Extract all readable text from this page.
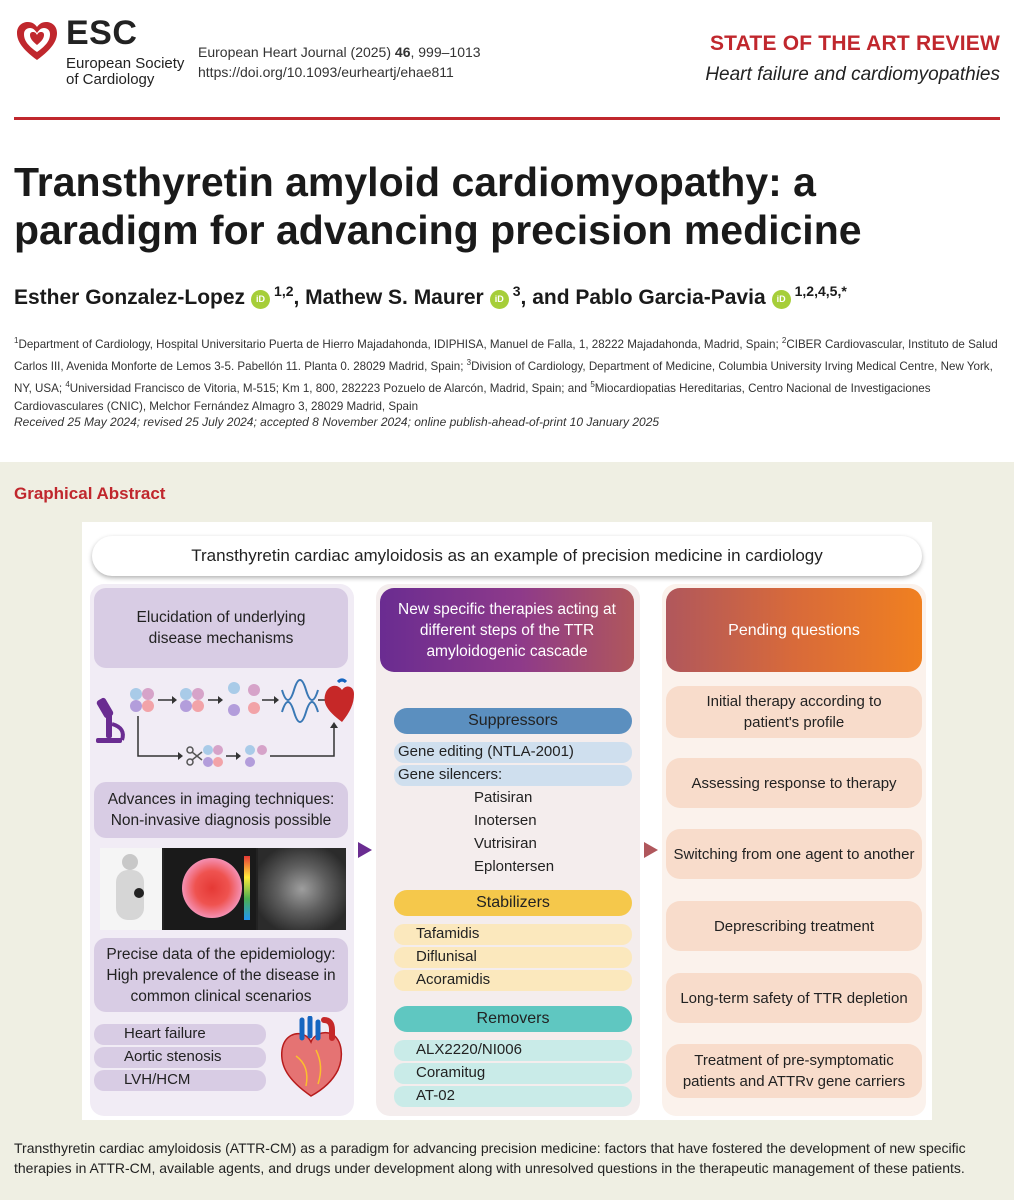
ESC
European Society of Cardiology
European Heart Journal (2025) 46, 999–1013
https://doi.org/10.1093/eurheartj/ehae811
STATE OF THE ART REVIEW
Heart failure and cardiomyopathies
Transthyretin amyloid cardiomyopathy: a paradigm for advancing precision medicine
Esther Gonzalez-Lopez iD $^{1,2}$, Mathew S. Maurer iD $^3$, and Pablo Garcia-Pavia iD $^{1,2,4,5,*}$
$^1$Department of Cardiology, Hospital Universitario Puerta de Hierro Majadahonda, IDIPHISA, Manuel de Falla, 1, 28222 Majadahonda, Madrid, Spain; $^2$CIBER Cardiovascular, Instituto de Salud Carlos III, Avenida Monforte de Lemos 3-5. Pabellón 11. Planta 0. 28029 Madrid, Spain; $^3$Division of Cardiology, Department of Medicine, Columbia University Irving Medical Centre, New York, NY, USA; $^4$Universidad Francisco de Vitoria, M-515; Km 1, 800, 282223 Pozuelo de Alarcón, Madrid, Spain; and $^5$Miocardiopatias Hereditarias, Centro Nacional de Investigaciones Cardiovasculares (CNIC), Melchor Fernández Almagro 3, 28029 Madrid, Spain
Received 25 May 2024; revised 25 July 2024; accepted 8 November 2024; online publish-ahead-of-print 10 January 2025
Graphical Abstract
Transthyretin cardiac amyloidosis as an example of precision medicine in cardiology
Elucidation of underlying disease mechanisms
Advances in imaging techniques: Non-invasive diagnosis possible
Precise data of the epidemiology: High prevalence of the disease in common clinical scenarios
Heart failure
Aortic stenosis
LVH/HCM
New specific therapies acting at different steps of the TTR amyloidogenic cascade
Suppressors
Gene editing (NTLA-2001)
Gene silencers:
Patisiran
Inotersen
Vutrisiran
Eplontersen
Stabilizers
Tafamidis
Diflunisal
Acoramidis
Removers
ALX2220/NI006
Coramitug
AT-02
Pending questions
Initial therapy according to patient's profile
Assessing response to therapy
Switching from one agent to another
Deprescribing treatment
Long-term safety of TTR depletion
Treatment of pre-symptomatic patients and ATTRv gene carriers
Transthyretin cardiac amyloidosis (ATTR-CM) as a paradigm for advancing precision medicine: factors that have fostered the development of new specific therapies in ATTR-CM, available agents, and drugs under development along with unresolved questions in the therapeutic management of these patients.
